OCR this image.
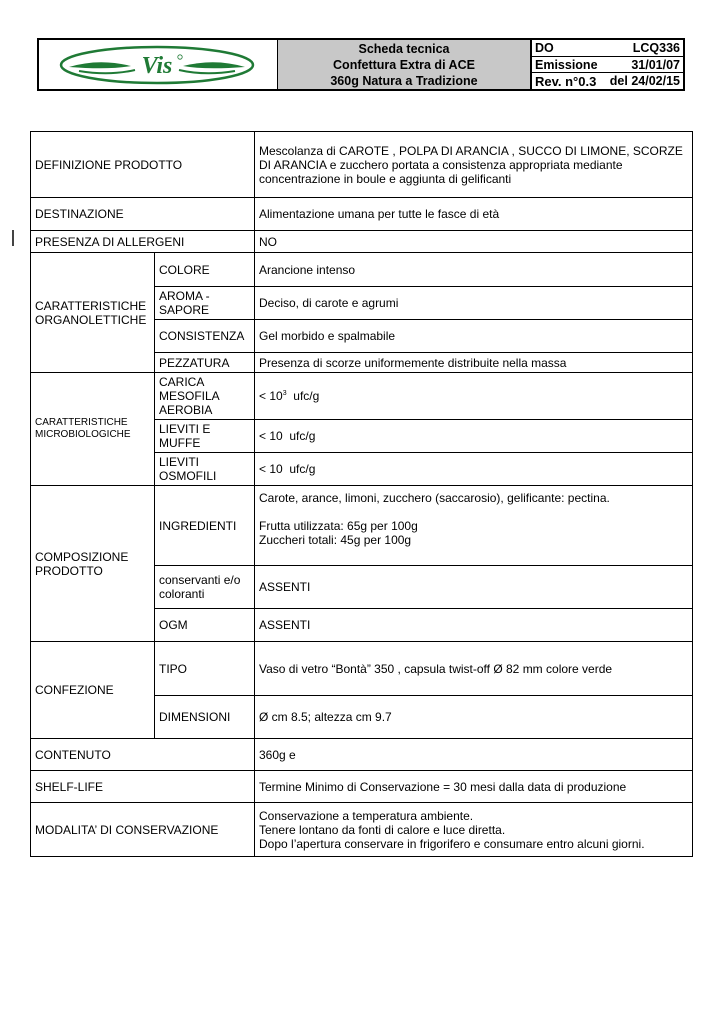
Vis
Scheda tecnica
Confettura Extra di ACE
360g Natura a Tradizione
DO	LCQ336
Emissione	31/01/07
Rev. n°0.3 del 24/02/15
DEFINIZIONE PRODOTTO		Mescolanza di CAROTE , POLPA DI ARANCIA , SUCCO DI LIMONE, SCORZE DI ARANCIA e zucchero portata a consistenza appropriata mediante concentrazione in boule e aggiunta di gelificanti
DESTINAZIONE		Alimentazione umana per tutte le fasce di età
PRESENZA DI ALLERGENI		NO
CARATTERISTICHE ORGANOLETTICHE	COLORE	Arancione intenso
	AROMA -SAPORE	Deciso, di carote e agrumi
	CONSISTENZA	Gel morbido e spalmabile
	PEZZATURA	Presenza di scorze uniformemente distribuite nella massa
CARATTERISTICHE MICROBIOLOGICHE	CARICA MESOFILA AEROBIA	< $10^3$  ufc/g
	LIEVITI E MUFFE	< 10  ufc/g
	LIEVITI OSMOFILI	< 10  ufc/g
COMPOSIZIONE PRODOTTO	INGREDIENTI	Carote, arance, limoni, zucchero (saccarosio), gelificante: pectina.

Frutta utilizzata: 65g per 100g
Zuccheri totali: 45g per 100g
	conservanti e/o coloranti	ASSENTI
	OGM	ASSENTI
CONFEZIONE	TIPO	Vaso di vetro “Bontà” 350 , capsula twist-off Ø 82 mm colore verde
	DIMENSIONI	Ø cm 8.5; altezza cm 9.7
CONTENUTO		360g e
SHELF-LIFE		Termine Minimo di Conservazione = 30 mesi dalla data di produzione
MODALITA’ DI CONSERVAZIONE		Conservazione a temperatura ambiente.
Tenere lontano da fonti di calore e luce diretta.
Dopo l’apertura conservare in frigorifero e consumare entro alcuni giorni.
